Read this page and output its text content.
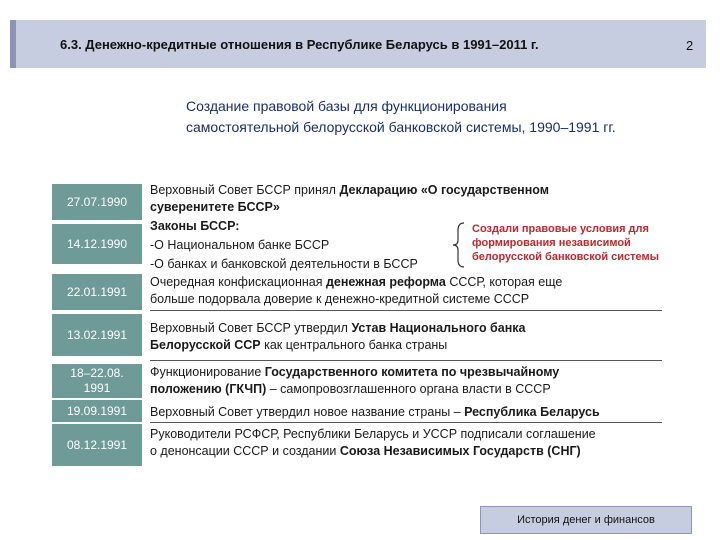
6.3. Денежно-кредитные отношения в Республике Беларусь в 1991–2011 г.	2
Создание правовой базы для функционирования
самостоятельной белорусской банковской системы, 1990–1991 гг.
27.07.1990
14.12.1990
22.01.1991
13.02.1991
18–22.08. 1991
19.09.1991
08.12.1991
Верховный Совет БССР принял Декларацию «О государственном
суверенитете БССР»
Законы БССР:
-О Национальном банке БССР
-О банках и банковской деятельности в БССР
Создали правовые условия для
формирования независимой
белорусской банковской системы
Очередная конфискационная денежная реформа СССР, которая еще
больше подорвала доверие к денежно-кредитной системе СССР
Верховный Совет БССР утвердил Устав Национального банка
Белорусской ССР как центрального банка страны
Функционирование Государственного комитета по чрезвычайному
положению (ГКЧП) – самопровозглашенного органа власти в СССР
Верховный Совет утвердил новое название страны – Республика Беларусь
Руководители РСФСР, Республики Беларусь и УССР подписали соглашение
о денонсации СССР и создании Союза Независимых Государств (СНГ)
История денег и финансов
